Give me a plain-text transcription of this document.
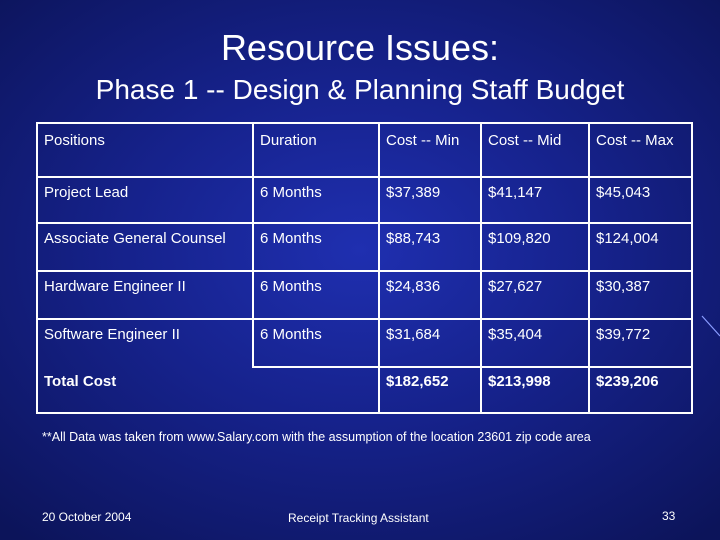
Resource Issues:
Phase 1 -- Design & Planning Staff Budget
Positions	Duration	Cost -- Min	Cost -- Mid	Cost -- Max
Project Lead	6 Months	$37,389	$41,147	$45,043
Associate General Counsel	6 Months	$88,743	$109,820	$124,004
Hardware Engineer II	6 Months	$24,836	$27,627	$30,387
Software Engineer II	6 Months	$31,684	$35,404	$39,772
Total Cost		$182,652	$213,998	$239,206
**All Data was taken from www.Salary.com with the assumption of the location 23601 zip code area
20 October 2004	Receipt Tracking Assistant	33
